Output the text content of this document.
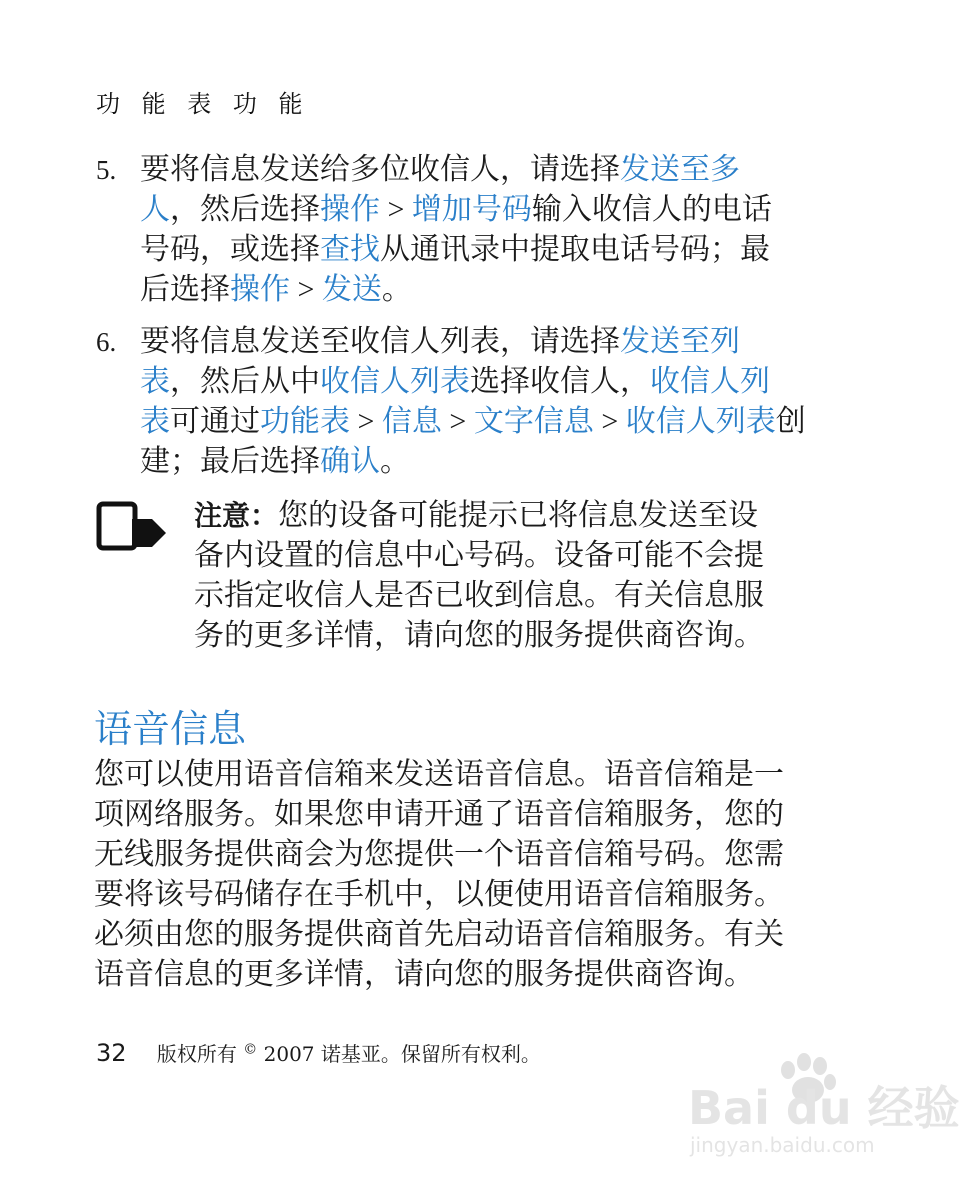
功 能 表 功 能
5. 要将信息发送给多位收信人，请选择发送至多
人，然后选择操作 > 增加号码输入收信人的电话
号码，或选择查找从通讯录中提取电话号码；最
后选择操作 > 发送。
6. 要将信息发送至收信人列表，请选择发送至列
表，然后从中收信人列表选择收信人，收信人列
表可通过功能表 > 信息 > 文字信息 > 收信人列表创
建；最后选择确认。
注意：您的设备可能提示已将信息发送至设
备内设置的信息中心号码。设备可能不会提
示指定收信人是否已收到信息。有关信息服
务的更多详情，请向您的服务提供商咨询。
语音信息
您可以使用语音信箱来发送语音信息。语音信箱是一
项网络服务。如果您申请开通了语音信箱服务，您的
无线服务提供商会为您提供一个语音信箱号码。您需
要将该号码储存在手机中，以便使用语音信箱服务。
必须由您的服务提供商首先启动语音信箱服务。有关
语音信息的更多详情，请向您的服务提供商咨询。
32 版权所有 © 2007 诺基亚。保留所有权利。
Bai du 经验
jingyan.baidu.com
